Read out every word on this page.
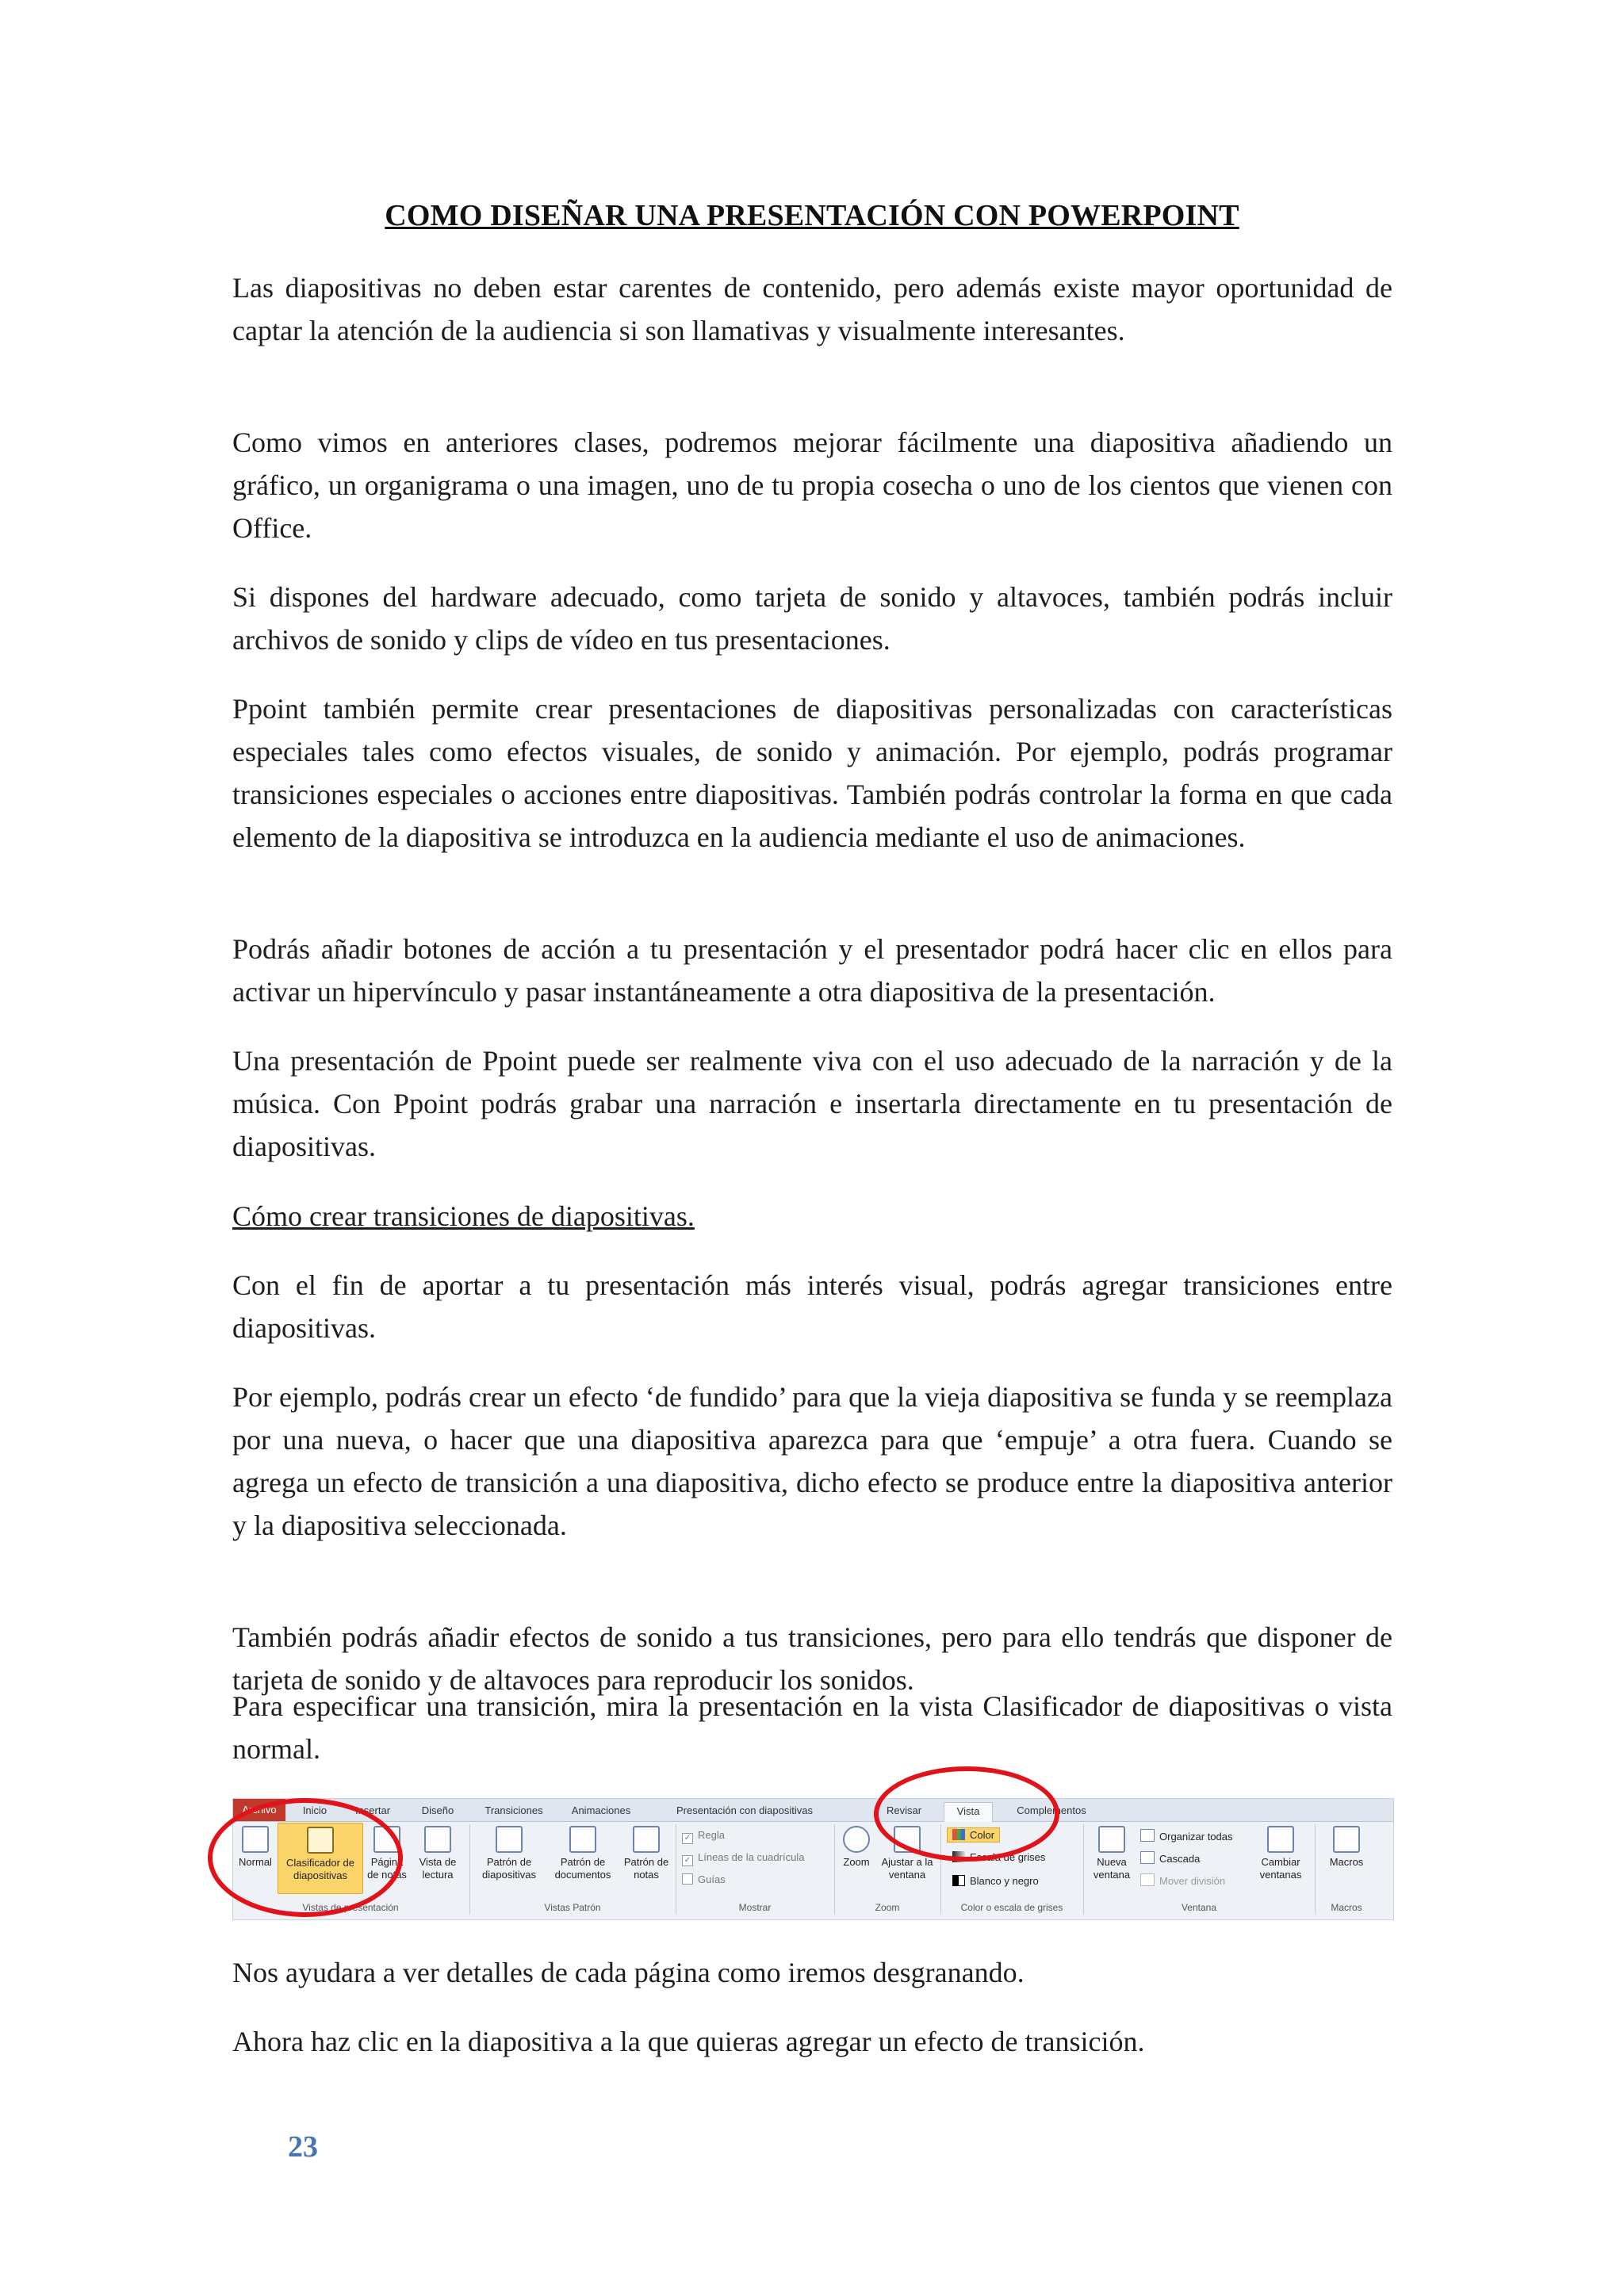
COMO DISEÑAR UNA PRESENTACIÓN CON POWERPOINT

Las diapositivas no deben estar carentes de contenido, pero además existe mayor oportunidad de captar la atención de la audiencia si son llamativas y visualmente interesantes.

Como vimos en anteriores clases, podremos mejorar fácilmente una diapositiva añadiendo un gráfico, un organigrama o una imagen, uno de tu propia cosecha o uno de los cientos que vienen con Office.

Si dispones del hardware adecuado, como tarjeta de sonido y altavoces, también podrás incluir archivos de sonido y clips de vídeo en tus presentaciones.

Ppoint también permite crear presentaciones de diapositivas personalizadas con características especiales tales como efectos visuales, de sonido y animación. Por ejemplo, podrás programar transiciones especiales o acciones entre diapositivas. También podrás controlar la forma en que cada elemento de la diapositiva se introduzca en la audiencia mediante el uso de animaciones.

Podrás añadir botones de acción a tu presentación y el presentador podrá hacer clic en ellos para activar un hipervínculo y pasar instantáneamente a otra diapositiva de la presentación.

Una presentación de Ppoint puede ser realmente viva con el uso adecuado de la narración y de la música. Con Ppoint podrás grabar una narración e insertarla directamente en tu presentación de diapositivas.

Cómo crear transiciones de diapositivas.

Con el fin de aportar a tu presentación más interés visual, podrás agregar transiciones entre diapositivas.

Por ejemplo, podrás crear un efecto ‘de fundido’ para que la vieja diapositiva se funda y se reemplaza por una nueva, o hacer que una diapositiva aparezca para que ‘empuje’ a otra fuera. Cuando se agrega un efecto de transición a una diapositiva, dicho efecto se produce entre la diapositiva anterior y la diapositiva seleccionada.

También podrás añadir efectos de sonido a tus transiciones, pero para ello tendrás que disponer de tarjeta de sonido y de altavoces para reproducir los sonidos.

Para especificar una transición, mira la presentación en la vista Clasificador de diapositivas o vista normal.

Archivo	Inicio	Insertar	Diseño	Transiciones	Animaciones	Presentación con diapositivas	Revisar	Vista	Complementos
Normal	Clasificador de diapositivas
Página de notas
Vista de lectura
Vistas de presentación
Patrón de diapositivas
Patrón de documentos
Patrón de notas
Vistas Patrón
✓ Regla
✓ Líneas de la cuadrícula
Guías
Mostrar
Zoom	Ajustar a la ventana
Zoom
Color
Escala de grises
Blanco y negro
Color o escala de grises
Nueva ventana
Organizar todas
Cascada
Mover división
Cambiar ventanas
Ventana
Macros
Macros

Nos ayudara a ver detalles de cada página como iremos desgranando.

Ahora haz clic en la diapositiva a la que quieras agregar un efecto de transición.

23
